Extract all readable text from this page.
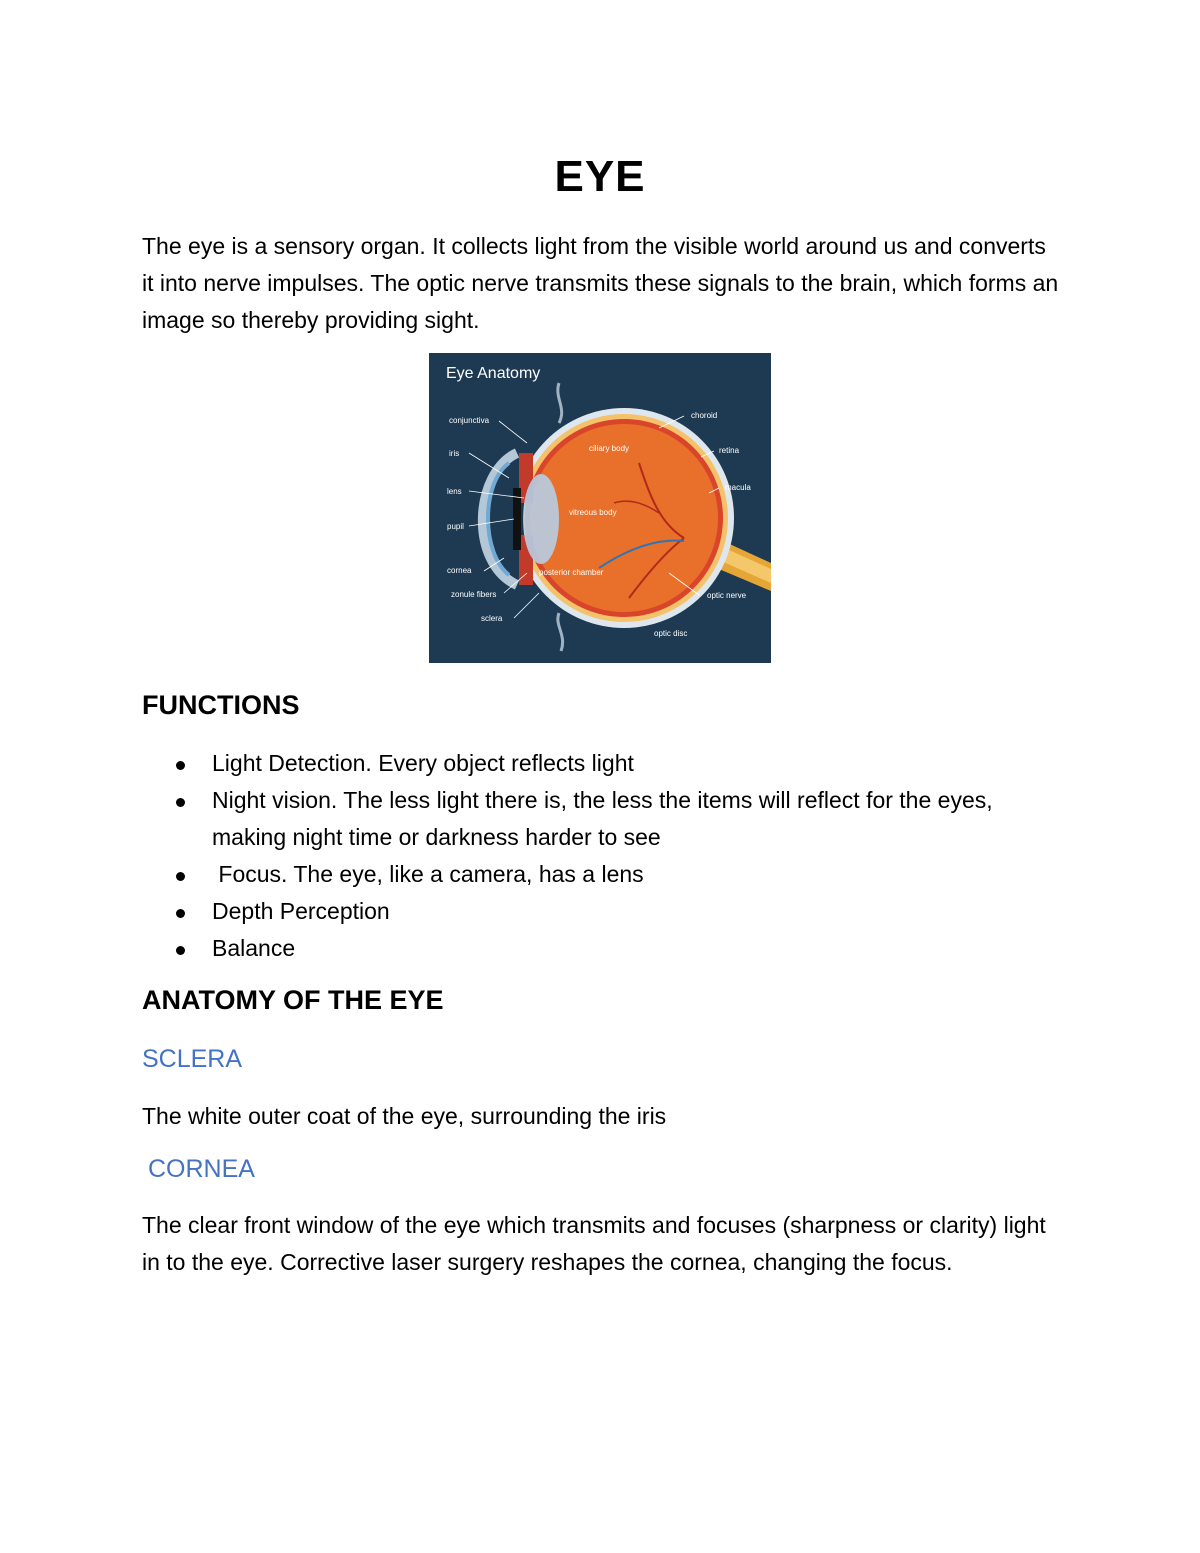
EYE

The eye is a sensory organ. It collects light from the visible world around us and converts it into nerve impulses. The optic nerve transmits these signals to the brain, which forms an image so thereby providing sight.

Eye Anatomy
conjunctiva
iris
lens
pupil
cornea
zonule fibers
sclera
choroid
retina
macula
optic nerve
optic disc
ciliary body
vitreous body
posterior chamber
FUNCTIONS
Light Detection. Every object reflects light
Night vision. The less light there is, the less the items will reflect for the eyes, making night time or darkness harder to see
Focus. The eye, like a camera, has a lens
Depth Perception
Balance
ANATOMY OF THE EYE
SCLERA

The white outer coat of the eye, surrounding the iris

CORNEA

The clear front window of the eye which transmits and focuses (sharpness or clarity) light in to the eye. Corrective laser surgery reshapes the cornea, changing the focus.
